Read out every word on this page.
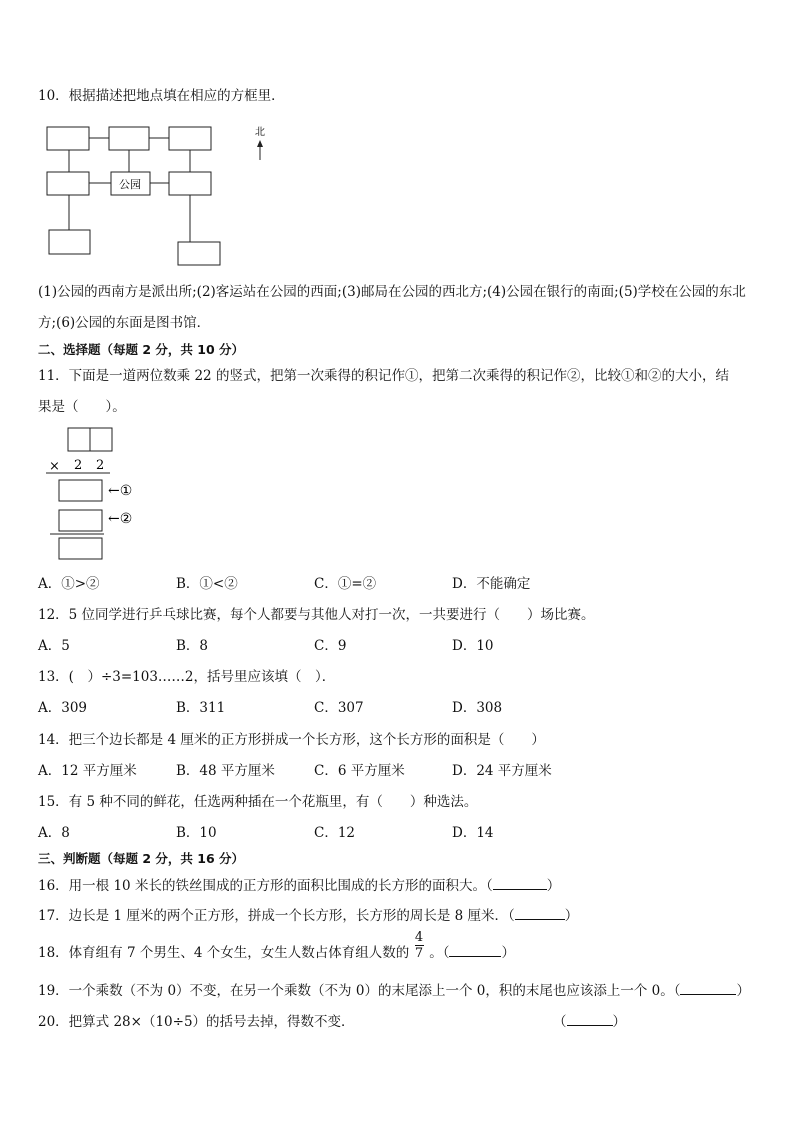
10．根据描述把地点填在相应的方框里．
公园
北
(1)公园的西南方是派出所;(2)客运站在公园的西面;(3)邮局在公园的西北方;(4)公园在银行的南面;(5)学校在公园的东北
方;(6)公园的东面是图书馆．
二、选择题（每题 2 分，共 10 分）
11．下面是一道两位数乘 22 的竖式，把第一次乘得的积记作①，把第二次乘得的积记作②，比较①和②的大小，结
果是（　　）。
× 2 2
←①
←②
A．①>②	B．①<②	C．①=②	D．不能确定
12．5 位同学进行乒乓球比赛，每个人都要与其他人对打一次，一共要进行（　　）场比赛。
A．5	B．8	C．9	D．10
13．(　）÷3=103……2，括号里应该填（　）．
A．309	B．311	C．307	D．308
14．把三个边长都是 4 厘米的正方形拼成一个长方形，这个长方形的面积是（　　）
A．12 平方厘米	B．48 平方厘米	C．6 平方厘米	D．24 平方厘米
15．有 5 种不同的鲜花，任选两种插在一个花瓶里，有（　　）种选法。
A．8	B．10	C．12	D．14
三、判断题（每题 2 分，共 16 分）
16．用一根 10 米长的铁丝围成的正方形的面积比围成的长方形的面积大。（	）
17．边长是 1 厘米的两个正方形，拼成一个长方形，长方形的周长是 8 厘米．（	）
18．体育组有 7 个男生、4 个女生，女生人数占体育组人数的 。（	）
4
7
19．一个乘数（不为 0）不变，在另一个乘数（不为 0）的末尾添上一个 0，积的末尾也应该添上一个 0。（	）
20．把算式 28×（10÷5）的括号去掉，得数不变．	（	）
